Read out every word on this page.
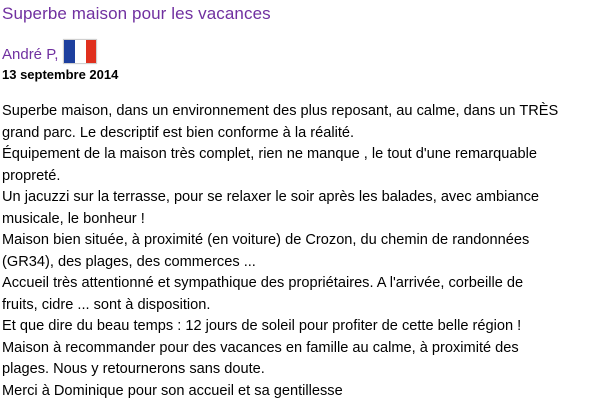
Superbe maison pour les vacances
André P,
13 septembre 2014
Superbe maison, dans un environnement des plus reposant, au calme, dans un TRÈS
grand parc. Le descriptif est bien conforme à la réalité.
Équipement de la maison très complet, rien ne manque , le tout d'une remarquable
propreté.
Un jacuzzi sur la terrasse, pour se relaxer le soir après les balades, avec ambiance
musicale, le bonheur !
Maison bien située, à proximité (en voiture) de Crozon, du chemin de randonnées
(GR34), des plages, des commerces ...
Accueil très attentionné et sympathique des propriétaires. A l'arrivée, corbeille de
fruits, cidre ... sont à disposition.
Et que dire du beau temps : 12 jours de soleil pour profiter de cette belle région !
Maison à recommander pour des vacances en famille au calme, à proximité des
plages. Nous y retournerons sans doute.
Merci à Dominique pour son accueil et sa gentillesse
